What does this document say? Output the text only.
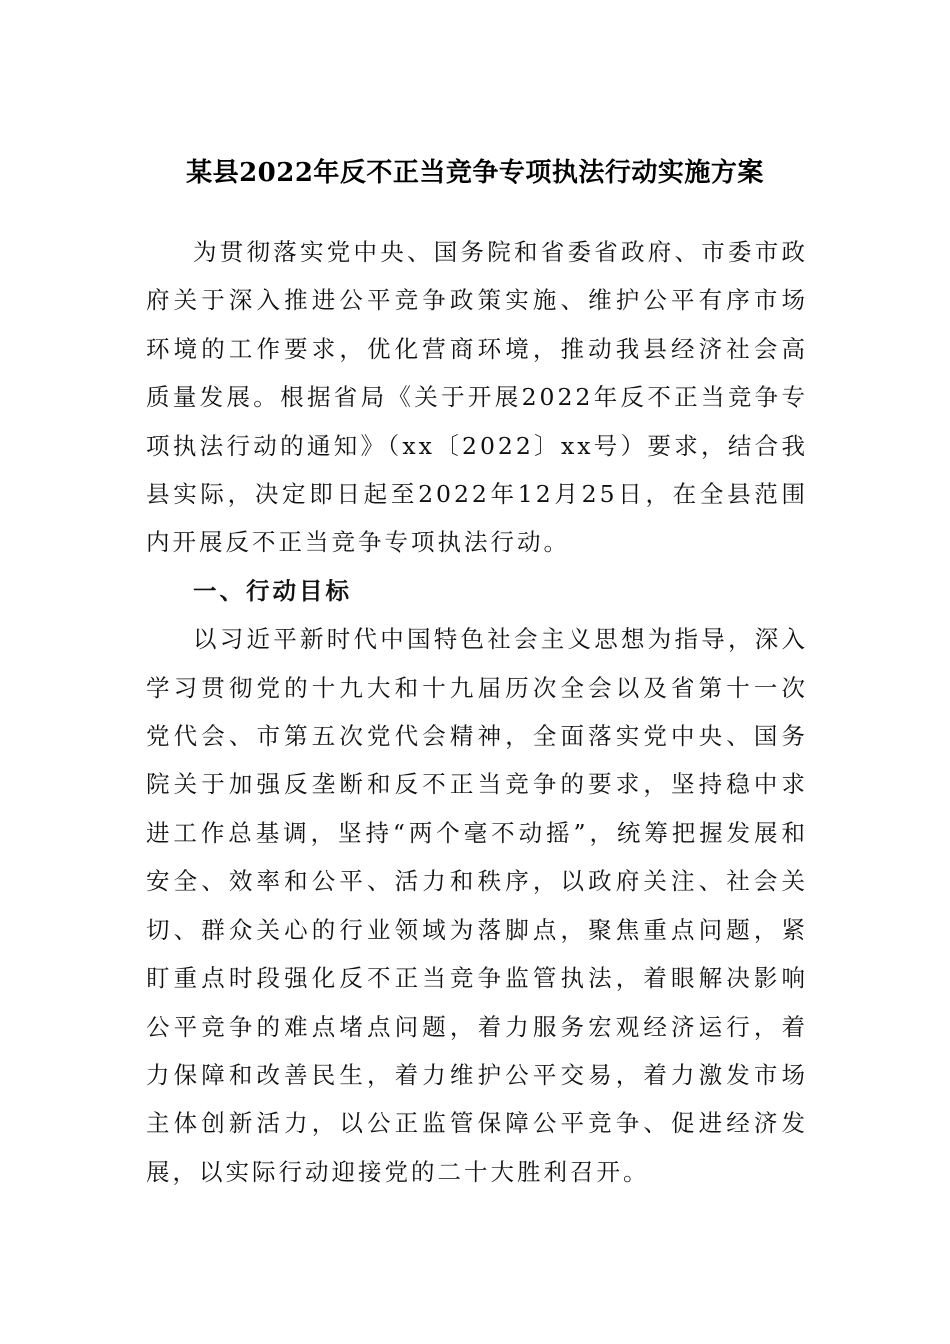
某县2022年反不正当竞争专项执法行动实施方案

为贯彻落实党中央、国务院和省委省政府、市委市政府关于深入推进公平竞争政策实施、维护公平有序市场环境的工作要求，优化营商环境，推动我县经济社会高质量发展。根据省局《关于开展2022年反不正当竞争专项执法行动的通知》（xx〔2022〕xx号）要求，结合我县实际，决定即日起至2022年12月25日，在全县范围内开展反不正当竞争专项执法行动。

一、行动目标

以习近平新时代中国特色社会主义思想为指导，深入学习贯彻党的十九大和十九届历次全会以及省第十一次党代会、市第五次党代会精神，全面落实党中央、国务院关于加强反垄断和反不正当竞争的要求，坚持稳中求进工作总基调，坚持“两个毫不动摇”，统筹把握发展和安全、效率和公平、活力和秩序，以政府关注、社会关切、群众关心的行业领域为落脚点，聚焦重点问题，紧盯重点时段强化反不正当竞争监管执法，着眼解决影响公平竞争的难点堵点问题，着力服务宏观经济运行，着力保障和改善民生，着力维护公平交易，着力激发市场主体创新活力，以公正监管保障公平竞争、促进经济发展，以实际行动迎接党的二十大胜利召开。
